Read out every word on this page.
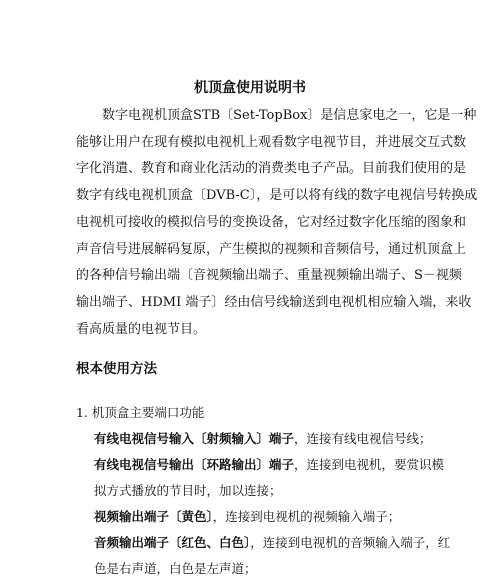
机顶盒使用说明书
数字电视机顶盒STB〔Set-TopBox〕是信息家电之一，它是一种
能够让用户在现有模拟电视机上观看数字电视节目，并进展交互式数
字化消遣、教育和商业化活动的消费类电子产品。目前我们使用的是
数字有线电视机顶盒〔DVB-C〕，是可以将有线的数字电视信号转换成
电视机可接收的模拟信号的变换设备，它对经过数字化压缩的图象和
声音信号进展解码复原，产生模拟的视频和音频信号，通过机顶盒上
的各种信号输出端〔音视频输出端子、重量视频输出端子、S－视频
输出端子、HDMI 端子〕经由信号线输送到电视机相应输入端，来收
看高质量的电视节目。
根本使用方法
1. 机顶盒主要端口功能
有线电视信号输入〔射频输入〕端子，连接有线电视信号线；
有线电视信号输出〔环路输出〕端子，连接到电视机，要赏识模
拟方式播放的节目时，加以连接；
视频输出端子〔黄色〕，连接到电视机的视频输入端子；
音频输出端子〔红色、白色〕，连接到电视机的音频输入端子，红
色是右声道，白色是左声道；
